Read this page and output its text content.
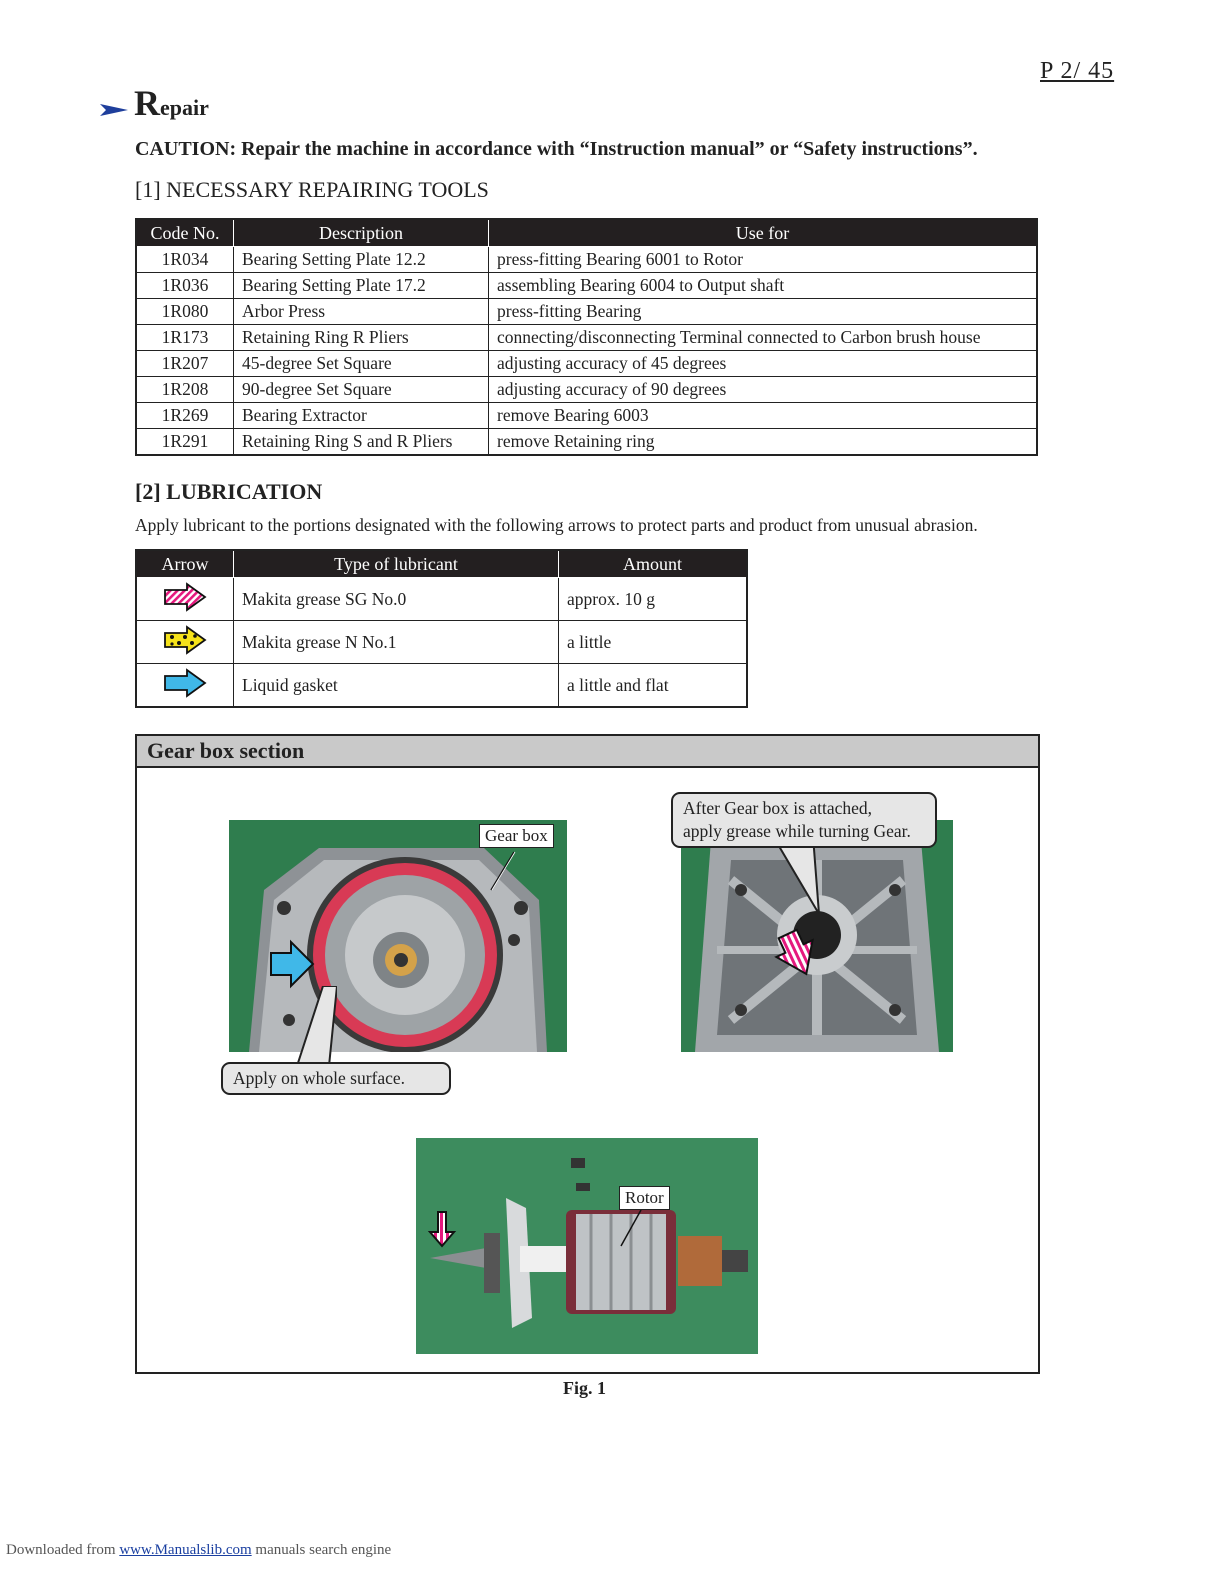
P 2/ 45
Repair
CAUTION: Repair the machine in accordance with “Instruction manual” or “Safety instructions”.
[1] NECESSARY REPAIRING TOOLS
Code No.	Description	Use for
1R034	Bearing Setting Plate 12.2	press-fitting Bearing 6001 to Rotor
1R036	Bearing Setting Plate 17.2	assembling Bearing 6004 to Output shaft
1R080	Arbor Press	press-fitting Bearing
1R173	Retaining Ring R Pliers	connecting/disconnecting Terminal connected to Carbon brush house
1R207	45-degree Set Square	adjusting accuracy of 45 degrees
1R208	90-degree Set Square	adjusting accuracy of 90 degrees
1R269	Bearing Extractor	remove Bearing 6003
1R291	Retaining Ring S and R Pliers	remove Retaining ring
[2] LUBRICATION
Apply lubricant to the portions designated with the following arrows to protect parts and product from unusual abrasion.
Arrow	Type of lubricant	Amount
	Makita grease SG No.0	approx. 10 g
	Makita grease N No.1	a little
	Liquid gasket	a little and flat
Gear box section
Gear box
Apply on whole surface.
After Gear box is attached,
apply grease while turning Gear.
Rotor
Fig. 1
Downloaded from www.Manualslib.com manuals search engine
